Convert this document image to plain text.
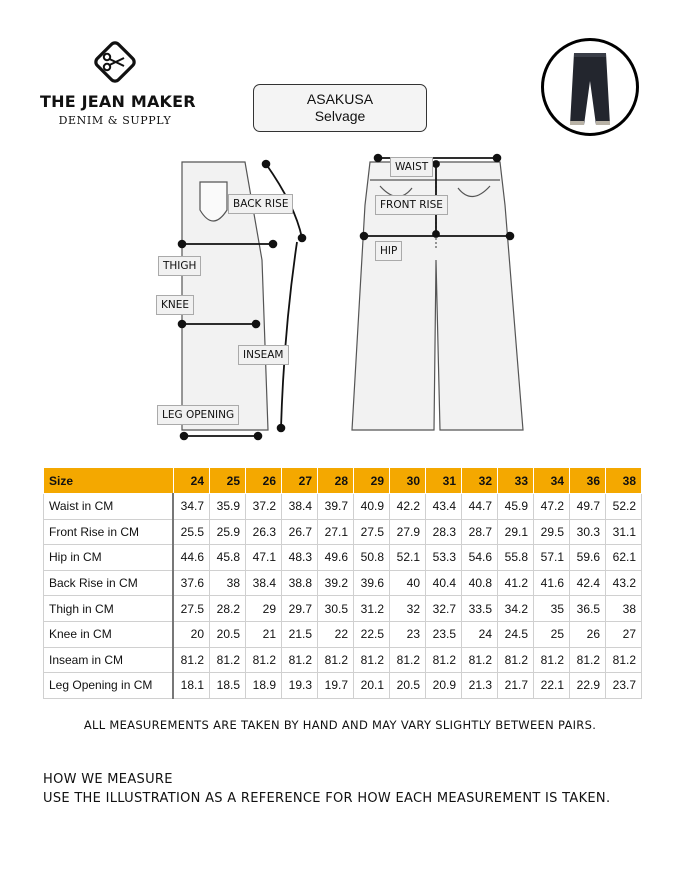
THE JEAN MAKER
DENIM & SUPPLY
ASAKUSA
Selvage
BACK RISE
THIGH
KNEE
INSEAM
LEG OPENING
WAIST
FRONT RISE
HIP
Size	24	25	26	27	28	29	30	31	32	33	34	36	38
Waist in CM	34.7	35.9	37.2	38.4	39.7	40.9	42.2	43.4	44.7	45.9	47.2	49.7	52.2
Front Rise in CM	25.5	25.9	26.3	26.7	27.1	27.5	27.9	28.3	28.7	29.1	29.5	30.3	31.1
Hip in CM	44.6	45.8	47.1	48.3	49.6	50.8	52.1	53.3	54.6	55.8	57.1	59.6	62.1
Back Rise in CM	37.6	38	38.4	38.8	39.2	39.6	40	40.4	40.8	41.2	41.6	42.4	43.2
Thigh in CM	27.5	28.2	29	29.7	30.5	31.2	32	32.7	33.5	34.2	35	36.5	38
Knee in CM	20	20.5	21	21.5	22	22.5	23	23.5	24	24.5	25	26	27
Inseam in CM	81.2	81.2	81.2	81.2	81.2	81.2	81.2	81.2	81.2	81.2	81.2	81.2	81.2
Leg Opening in CM	18.1	18.5	18.9	19.3	19.7	20.1	20.5	20.9	21.3	21.7	22.1	22.9	23.7
ALL MEASUREMENTS ARE TAKEN BY HAND AND MAY VARY SLIGHTLY BETWEEN PAIRS.
HOW WE MEASURE
USE THE ILLUSTRATION AS A REFERENCE FOR HOW EACH MEASUREMENT IS TAKEN.
